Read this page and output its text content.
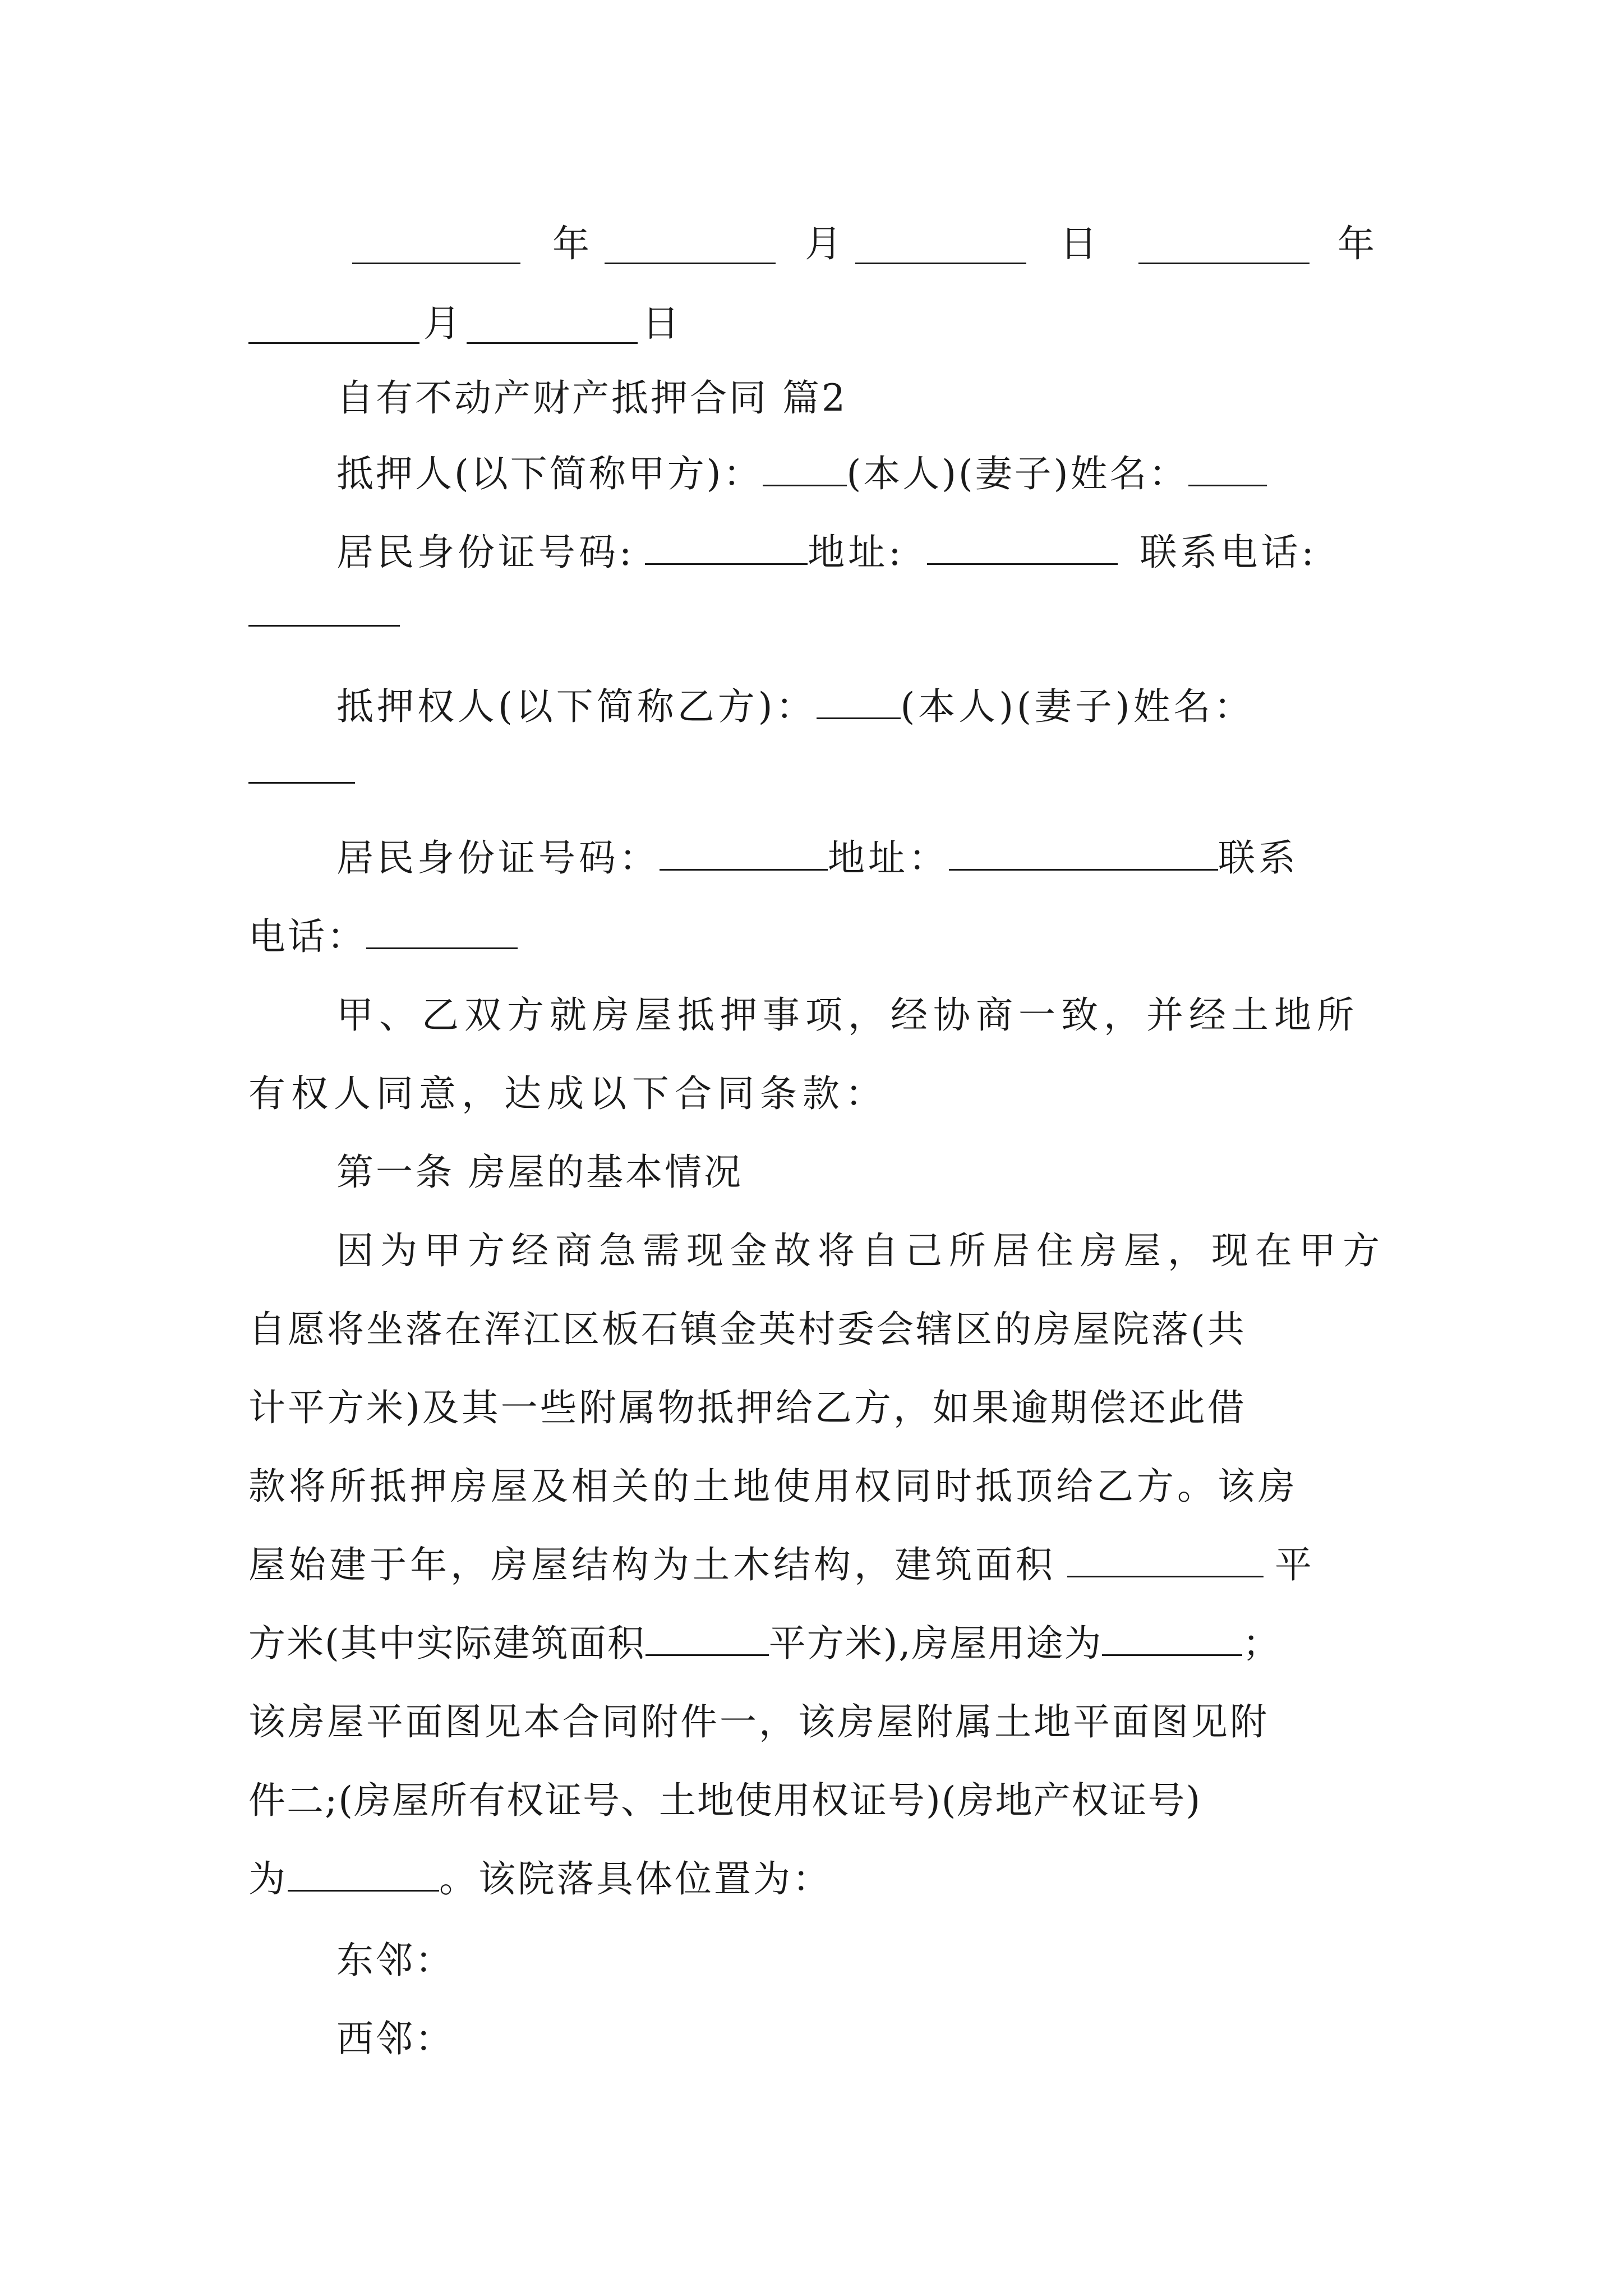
年	月	日	年
月	日
自有不动产财产抵押合同 篇2
抵押人(以下简称甲方)： (本人)(妻子)姓名：
居民身份证号码:	地址:	联系电话:
抵押权人(以下简称乙方)： (本人)(妻子)姓名：
居民身份证号码：	地址：	联系
电话：
甲、乙双方就房屋抵押事项，经协商一致，并经土地所
有权人同意，达成以下合同条款：
第一条 房屋的基本情况
因为甲方经商急需现金故将自己所居住房屋，现在甲方
自愿将坐落在浑江区板石镇金英村委会辖区的房屋院落(共
计平方米)及其一些附属物抵押给乙方，如果逾期偿还此借
款将所抵押房屋及相关的土地使用权同时抵顶给乙方。该房
屋始建于年，房屋结构为土木结构，建筑面积	平
方米(其中实际建筑面积	平方米),房屋用途为	；
该房屋平面图见本合同附件一，该房屋附属土地平面图见附
件二;(房屋所有权证号、土地使用权证号)(房地产权证号)
为	。该院落具体位置为：
东邻：
西邻：
